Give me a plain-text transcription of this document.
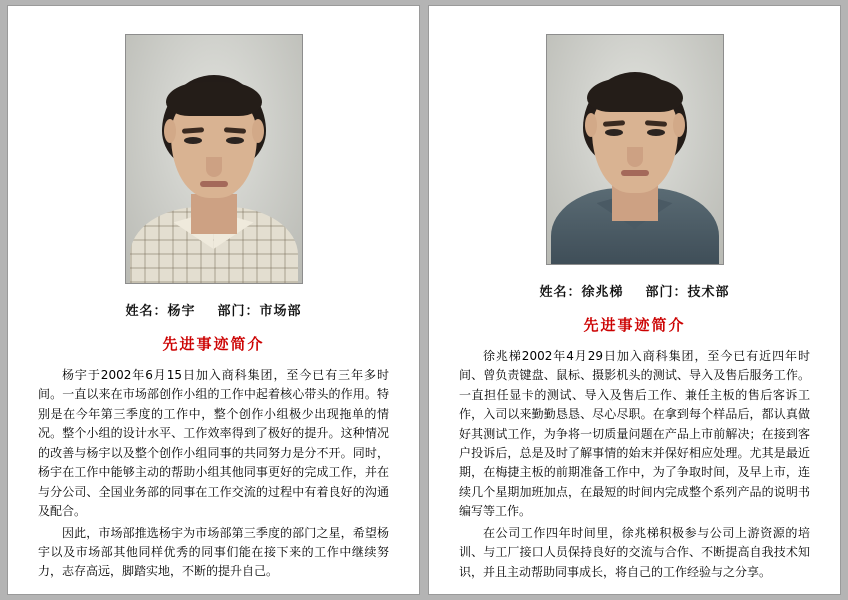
姓名：杨宇    部门：市场部
先进事迹简介

杨宇于2002年6月15日加入商科集团，至今已有三年多时间。一直以来在市场部创作小组的工作中起着核心带头的作用。特别是在今年第三季度的工作中，整个创作小组极少出现拖单的情况。整个小组的设计水平、工作效率得到了极好的提升。这种情况的改善与杨宇以及整个创作小组同事的共同努力是分不开。同时，杨宇在工作中能够主动的帮助小组其他同事更好的完成工作，并在与分公司、全国业务部的同事在工作交流的过程中有着良好的沟通及配合。

因此，市场部推选杨宇为市场部第三季度的部门之星，希望杨宇以及市场部其他同样优秀的同事们能在接下来的工作中继续努力，志存高远，脚踏实地，不断的提升自己。

姓名：徐兆梯    部门：技术部
先进事迹简介

徐兆梯2002年4月29日加入商科集团，至今已有近四年时间、曾负责键盘、鼠标、摄影机头的测试、导入及售后服务工作。一直担任显卡的测试、导入及售后工作、兼任主板的售后客诉工作，入司以来勤勤恳恳、尽心尽职。在拿到每个样品后，都认真做好其测试工作，为争将一切质量问题在产品上市前解决；在接到客户投诉后，总是及时了解事情的始末并保好相应处理。尤其是最近期，在梅捷主板的前期准备工作中，为了争取时间，及早上市，连续几个星期加班加点，在最短的时间内完成整个系列产品的说明书编写等工作。

在公司工作四年时间里，徐兆梯积极参与公司上游资源的培训、与工厂接口人员保持良好的交流与合作、不断提高自我技术知识，并且主动帮助同事成长，将自己的工作经验与之分享。
